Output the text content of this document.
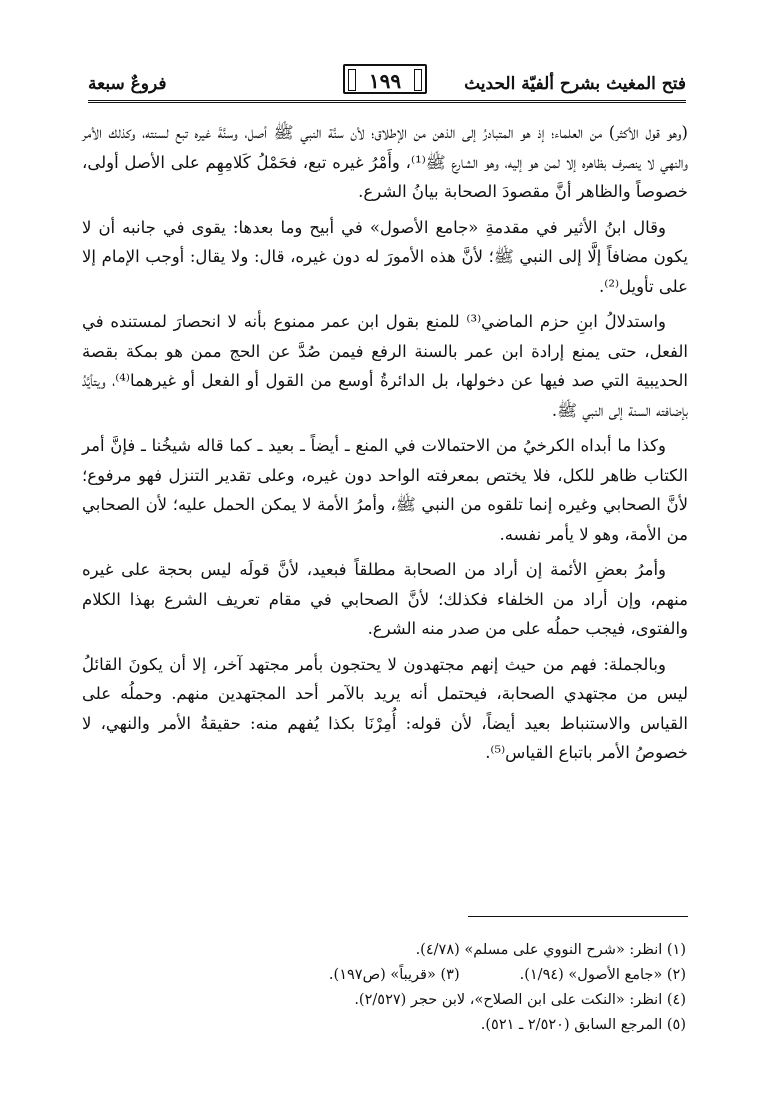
فتح المغيث بشرح ألفيّة الحديث
١٩٩
فروعٌ سبعة

(وهو قول الأكثر) من العلماء؛ إذ هو المتبادرُ إلى الذهن من الإطلاق؛ لأن سنَّة النبي ﷺ أصل، وسنَّةَ غيره تبع لسنته، وكذلك الأمر والنهي لا ينصرف بظاهره إلا لمن هو إليه، وهو الشارع ﷺ⁽¹⁾، وأَمْرُ غيره تبع، فحَمْلُ كَلامِهِم على الأصل أولى، خصوصاً والظاهر أنَّ مقصودَ الصحابة بيانُ الشرع.

وقال ابنُ الأثير في مقدمةِ «جامع الأصول» في أبيح وما بعدها: يقوى في جانبه أن لا يكون مضافاً إلَّا إلى النبي ﷺ؛ لأنَّ هذه الأمورَ له دون غيره، قال: ولا يقال: أوجب الإمام إلا على تأويل⁽²⁾.

واستدلالُ ابنِ حزم الماضي⁽³⁾ للمنع بقول ابن عمر ممنوع بأنه لا انحصارَ لمستنده في الفعل، حتى يمنع إرادة ابن عمر بالسنة الرفع فيمن صُدَّ عن الحج ممن هو بمكة بقصة الحديبية التي صد فيها عن دخولها، بل الدائرةُ أوسع من القول أو الفعل أو غيرهما⁽⁴⁾، ويتأيَّدُ بإضافته السنة إلى النبي ﷺ.

وكذا ما أبداه الكرخيُ من الاحتمالات في المنع ـ أيضاً ـ بعيد ـ كما قاله شيخُنا ـ فإنَّ أمر الكتاب ظاهر للكل، فلا يختص بمعرفته الواحد دون غيره، وعلى تقدير التنزل فهو مرفوع؛ لأنَّ الصحابي وغيره إنما تلقوه من النبي ﷺ، وأمرُ الأمة لا يمكن الحمل عليه؛ لأن الصحابي من الأمة، وهو لا يأمر نفسه.

وأمرُ بعضِ الأئمة إن أراد من الصحابة مطلقاً فبعيد، لأنَّ قولَه ليس بحجة على غيره منهم، وإن أراد من الخلفاء فكذلك؛ لأنَّ الصحابي في مقام تعريف الشرع بهذا الكلام والفتوى، فيجب حملُه على من صدر منه الشرع.

وبالجملة: فهم من حيث إنهم مجتهدون لا يحتجون بأمر مجتهد آخر، إلا أن يكونَ القائلُ ليس من مجتهدي الصحابة، فيحتمل أنه يريد بالآمر أحد المجتهدين منهم. وحملُه على القياس والاستنباط بعيد أيضاً، لأن قوله: أُمِرْنَا بكذا يُفهم منه: حقيقةُ الأمر والنهي، لا خصوصُ الأمر باتباع القياس⁽⁵⁾.

(١) انظر: «شرح النووي على مسلم» (٤/٧٨).
(٢) «جامع الأصول» (١/٩٤).(٣) «قريباً» (ص١٩٧).
(٤) انظر: «النكت على ابن الصلاح»، لابن حجر (٢/٥٢٧).
(٥) المرجع السابق (٢/٥٢٠ ـ ٥٢١).
